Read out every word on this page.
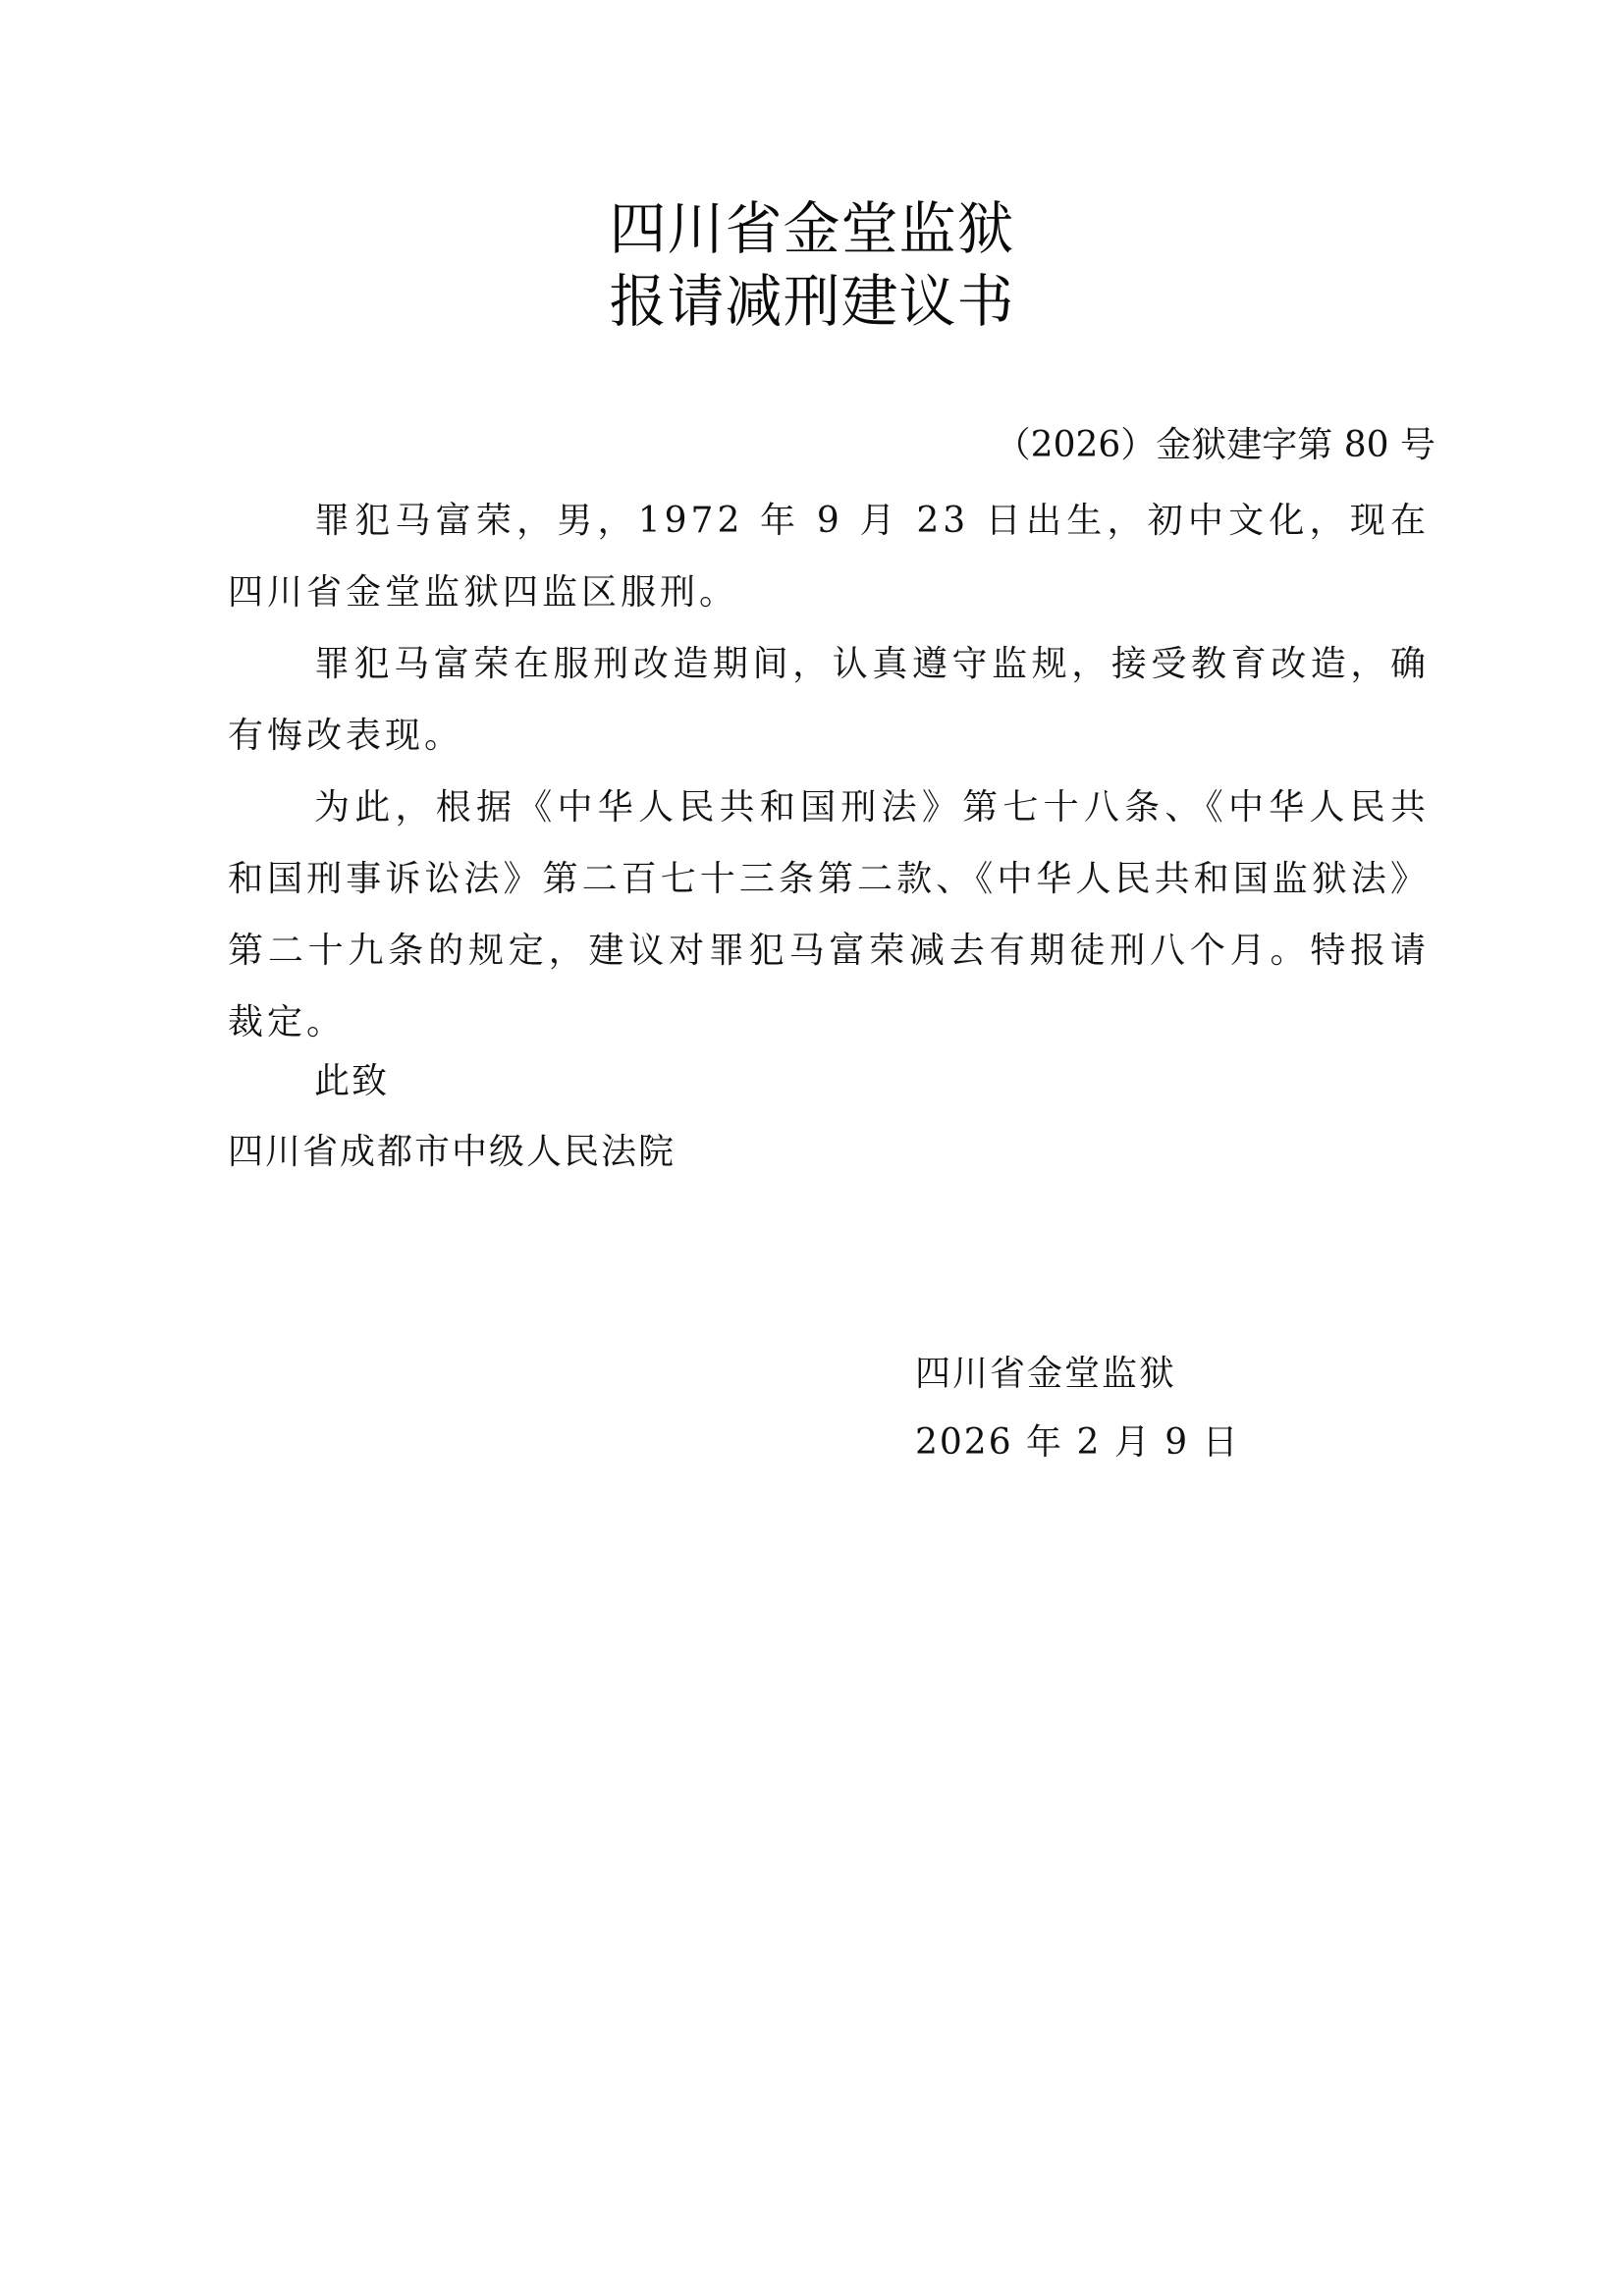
四川省金堂监狱
报请减刑建议书
（2026）金狱建字第 80 号
罪犯马富荣，男，1972 年 9 月 23 日出生，初中文化，现在四川省金堂监狱四监区服刑。
罪犯马富荣在服刑改造期间，认真遵守监规，接受教育改造，确有悔改表现。
为此，根据《中华人民共和国刑法》第七十八条、《中华人民共和国刑事诉讼法》第二百七十三条第二款、《中华人民共和国监狱法》第二十九条的规定，建议对罪犯马富荣减去有期徒刑八个月。特报请裁定。
此致
四川省成都市中级人民法院
四川省金堂监狱
2026 年 2 月 9 日
